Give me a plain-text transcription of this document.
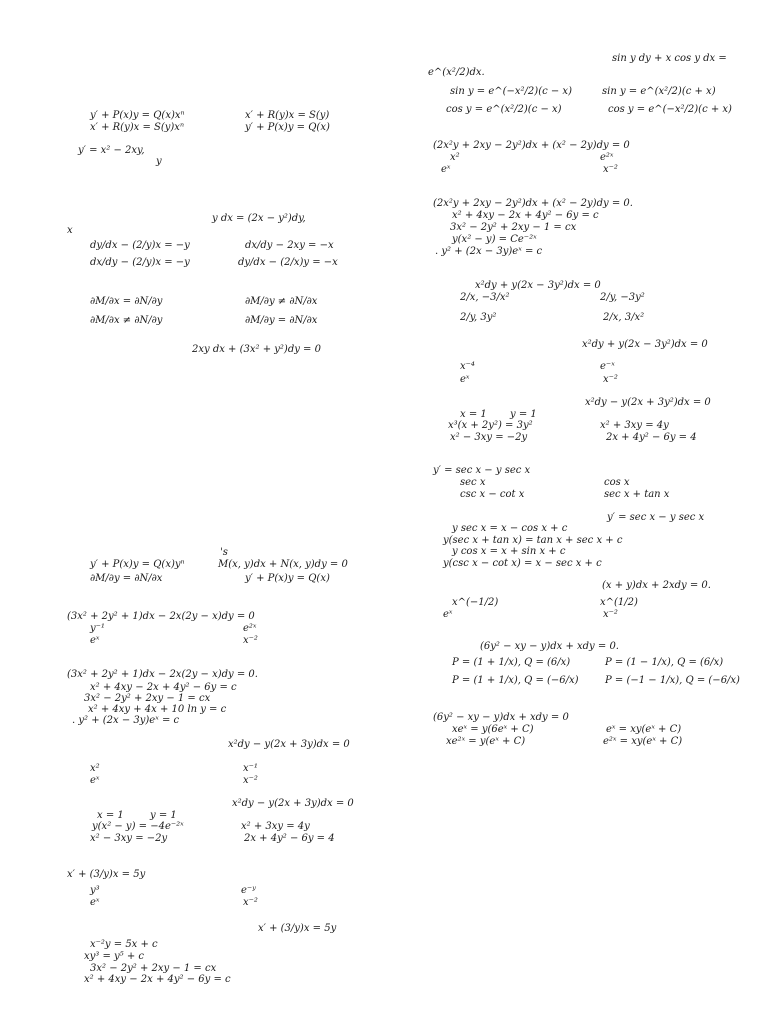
y′ + P(x)y = Q(x)xⁿ	x′ + R(y)x = S(y)
x′ + R(y)x = S(y)xⁿ	y′ + P(x)y = Q(x)
y′ = x² − 2xy,
y
y dx = (2x − y²)dy,
x
dy/dx − (2/y)x = −y	dx/dy − 2xy = −x
dx/dy − (2/y)x = −y	dy/dx − (2/x)y = −x
∂M/∂x = ∂N/∂y	∂M/∂y ≠ ∂N/∂x
∂M/∂x ≠ ∂N/∂y	∂M/∂y = ∂N/∂x
2xy dx + (3x² + y²)dy = 0
's
y′ + P(x)y = Q(x)yⁿ	M(x, y)dx + N(x, y)dy = 0
∂M/∂y = ∂N/∂x	y′ + P(x)y = Q(x)
(3x² + 2y² + 1)dx − 2x(2y − x)dy = 0
y⁻¹	e²ˣ
eˣ	x⁻²
(3x² + 2y² + 1)dx − 2x(2y − x)dy = 0.
x² + 4xy − 2x + 4y² − 6y = c
3x² − 2y² + 2xy − 1 = cx
x² + 4xy + 4x + 10 ln y = c
. y² + (2x − 3y)eˣ = c
x²dy − y(2x + 3y)dx = 0
x²	x⁻¹
eˣ	x⁻²
x²dy − y(2x + 3y)dx = 0
x = 1	y = 1
y(x² − y) = −4e⁻²ˣ	x² + 3xy = 4y
x² − 3xy = −2y	2x + 4y² − 6y = 4
x′ + (3/y)x = 5y
y³	e⁻ʸ
eˣ	x⁻²
x′ + (3/y)x = 5y
x⁻²y = 5x + c
xy³ = y⁵ + c
3x² − 2y² + 2xy − 1 = cx
x² + 4xy − 2x + 4y² − 6y = c
sin y dy + x cos y dx =
e^(x²/2)dx.
sin y = e^(−x²/2)(c − x)	sin y = e^(x²/2)(c + x)
cos y = e^(x²/2)(c − x)	cos y = e^(−x²/2)(c + x)
(2x²y + 2xy − 2y²)dx + (x² − 2y)dy = 0
x²	e²ˣ
eˣ	x⁻²
(2x²y + 2xy − 2y²)dx + (x² − 2y)dy = 0.
x² + 4xy − 2x + 4y² − 6y = c
3x² − 2y² + 2xy − 1 = cx
y(x² − y) = Ce⁻²ˣ
. y² + (2x − 3y)eˣ = c
x²dy + y(2x − 3y²)dx = 0
2/x, −3/x²	2/y, −3y²
2/y, 3y²	2/x, 3/x²
x²dy + y(2x − 3y²)dx = 0
x⁻⁴	e⁻ˣ
eˣ	x⁻²
x²dy − y(2x + 3y²)dx = 0
x = 1 y = 1
x³(x + 2y²) = 3y²	x² + 3xy = 4y
x² − 3xy = −2y	2x + 4y² − 6y = 4
y′ = sec x − y sec x
sec x	cos x
csc x − cot x	sec x + tan x
y′ = sec x − y sec x
y sec x = x − cos x + c
y(sec x + tan x) = tan x + sec x + c
y cos x = x + sin x + c
y(csc x − cot x) = x − sec x + c
(x + y)dx + 2xdy = 0.
x^(−1/2)	x^(1/2)
eˣ	x⁻²
(6y² − xy − y)dx + xdy = 0.
P = (1 + 1/x), Q = (6/x)	P = (1 − 1/x), Q = (6/x)
P = (1 + 1/x), Q = (−6/x)	P = (−1 − 1/x), Q = (−6/x)
(6y² − xy − y)dx + xdy = 0
xeˣ = y(6eˣ + C)	eˣ = xy(eˣ + C)
xe²ˣ = y(eˣ + C)	e²ˣ = xy(eˣ + C)
